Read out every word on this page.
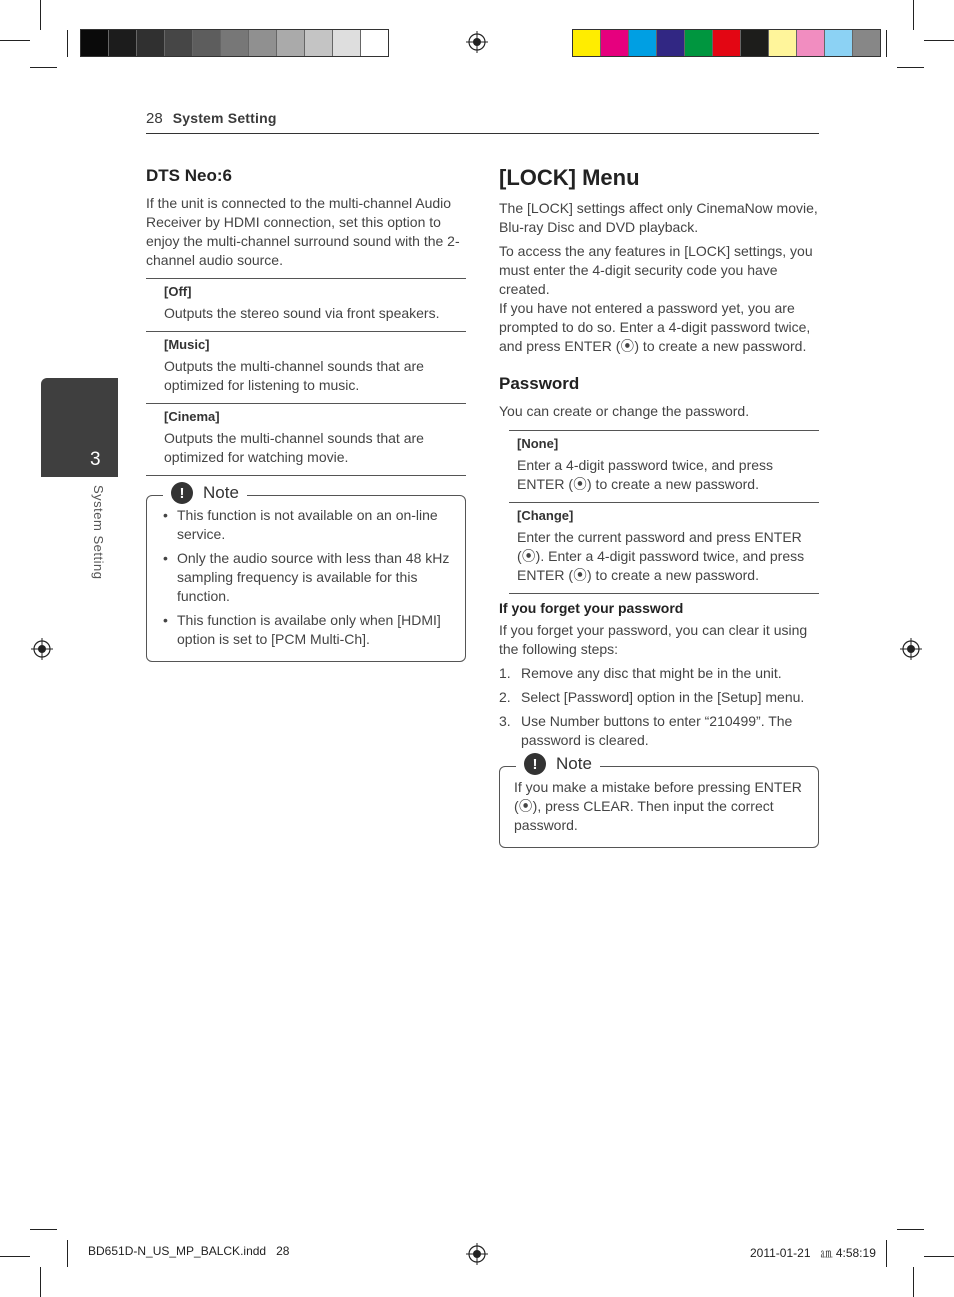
28 System Setting
3
System Setting
DTS Neo:6

If the unit is connected to the multi-channel Audio Receiver by HDMI connection, set this option to enjoy the multi-channel surround sound with the 2-channel audio source.

[Off]
Outputs the stereo sound via front speakers.
[Music]
Outputs the multi-channel sounds that are optimized for listening to music.
[Cinema]
Outputs the multi-channel sounds that are optimized for watching movie.
!	Note
• This function is not available on an on-line service.
• Only the audio source with less than 48 kHz sampling frequency is available for this function.
• This function is availabe only when [HDMI] option is set to [PCM Multi-Ch].
[LOCK] Menu

The [LOCK] settings affect only CinemaNow movie, Blu-ray Disc and DVD playback.

To access the any features in [LOCK] settings, you must enter the 4-digit security code you have created.

If you have not entered a password yet, you are prompted to do so. Enter a 4-digit password twice, and press ENTER (⦿) to create a new password.

Password

You can create or change the password.

[None]
Enter a 4-digit password twice, and press ENTER (⦿) to create a new password.
[Change]
Enter the current password and press ENTER (⦿). Enter a 4-digit password twice, and press ENTER (⦿) to create a new password.
If you forget your password

If you forget your password, you can clear it using the following steps:

1. Remove any disc that might be in the unit.
2. Select [Password] option in the [Setup] menu.
3. Use Number buttons to enter “210499”. The password is cleared.
!	Note
If you make a mistake before pressing ENTER (⦿), press CLEAR. Then input the correct password.
BD651D-N_US_MP_BALCK.indd   28	2011-01-21   ㏂ 4:58:19
